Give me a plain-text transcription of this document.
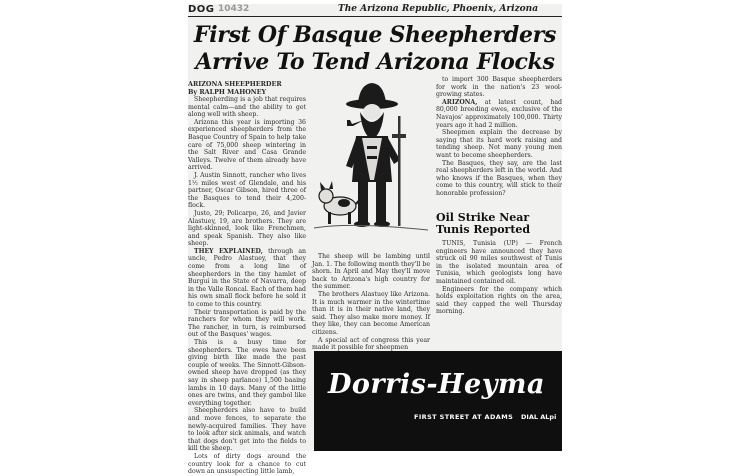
DOG 10432	The Arizona Republic, Phoenix, Arizona
First Of Basque Sheepherders
Arrive To Tend Arizona Flocks

ARIZONA SHEEPHERDER

By RALPH MAHONEY

Sheepherding is a job that requires mental calm—and the ability to get along well with sheep.

Arizona this year is importing 36 experienced sheepherders from the Basque Country of Spain to help take care of 75,000 sheep wintering in the Salt River and Casa Grande Valleys. Twelve of them already have arrived.

J. Austin Sinnott, rancher who lives 1½ miles west of Glendale, and his partner, Oscar Gibson, hired three of the Basques to tend their 4,200-flock.

Justo, 29; Policarpo, 26, and Javier Alastuey, 19, are brothers. They are light-skinned, look like Frenchmen, and speak Spanish. They also like sheep.

THEY EXPLAINED, through an uncle, Pedro Alastuey, that they come from a long line of sheepherders in the tiny hamlet of Burguí in the State of Navarra, deep in the Valle Roncal. Each of them had his own small flock before he sold it to come to this country.

Their transportation is paid by the ranchers for whom they will work. The rancher, in turn, is reimbursed out of the Basques' wages.

This is a busy time for sheepherders. The ewes have been giving birth like made the past couple of weeks. The Sinnott-Gibson-owned sheep have dropped (as they say in sheep parlance) 1,500 baaing lambs in 10 days. Many of the little ones are twins, and they gambol like everything together.

Sheepherders also have to build and move fences, to separate the newly-acquired families. They have to look after sick animals, and watch that dogs don't get into the fields to kill the sheep.

Lots of dirty dogs around the country look for a chance to cut down an unsuspecting little lamb,

The sheep will be lambing until Jan. 1. The following month they'll be shorn. In April and May they'll move back to Arizona's high country for the summer.

The brothers Alastuey like Arizona. It is much warmer in the wintertime than it is in their native land, they said. They also make more money. If they like, they can become American citizens.

A special act of congress this year made it possible for sheepmen

to import 300 Basque sheepherders for work in the nation's 23 wool-growing states.

ARIZONA, at latest count, had 80,000 breeding ewes, exclusive of the Navajos' approximately 100,000. Thirty years ago it had 2 million.

Sheepmen explain the decrease by saying that its hard work raising and tending sheep. Not many young men want to become sheepherders.

The Basques, they say, are the last real sheepherders left in the world. And who knows if the Basques, when they come to this country, will stick to their honorable profession?

Oil Strike Near Tunis Reported

TUNIS, Tunisia (UP) — French engineers have announced they have struck oil 90 miles southwest of Tunis in the isolated mountain area of Tunisia, which geologists long have maintained contained oil.

Engineers for the company which holds exploitation rights on the area, said they capped the well Thursday morning.

Dorris-Heyma
FIRST STREET AT ADAMS DIAL ALpi
